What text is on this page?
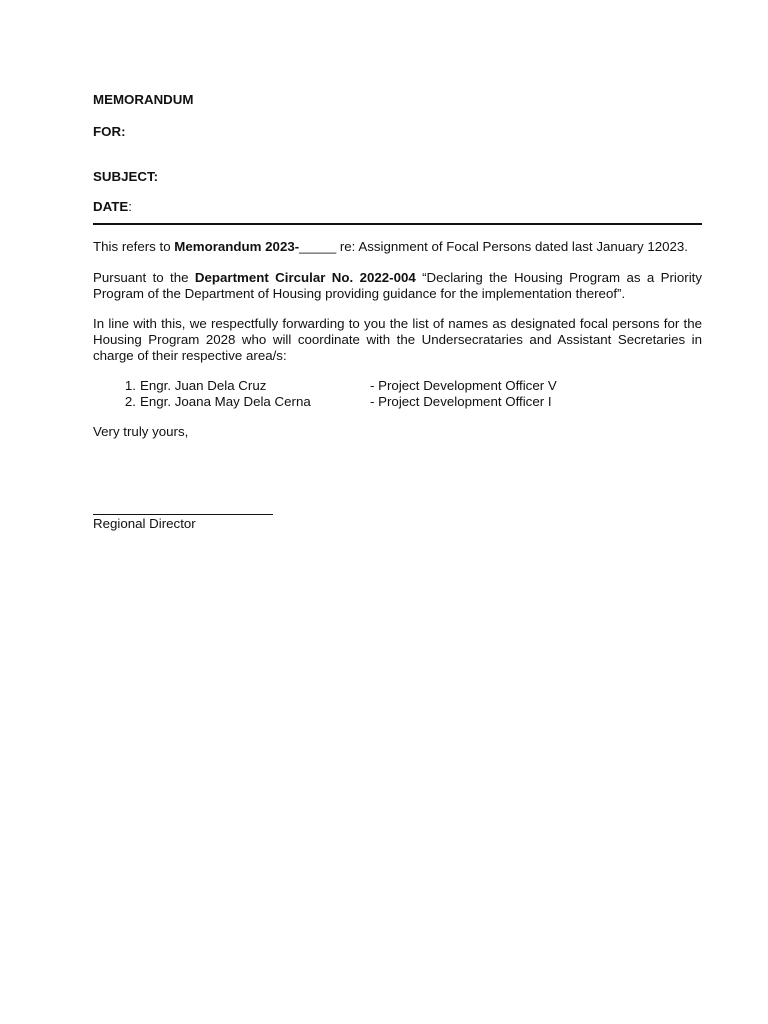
MEMORANDUM
FOR:
SUBJECT:
DATE:

This refers to Memorandum 2023-_____ re: Assignment of Focal Persons dated last January 12023.

Pursuant to the Department Circular No. 2022-004 “Declaring the Housing Program as a Priority Program of the Department of Housing providing guidance for the implementation thereof”.

In line with this, we respectfully forwarding to you the list of names as designated focal persons for the Housing Program 2028 who will coordinate with the Undersecrataries and Assistant Secretaries in charge of their respective area/s:

1. Engr. Juan Dela Cruz	- Project Development Officer V
2. Engr. Joana May Dela Cerna	- Project Development Officer I
Very truly yours,
Regional Director
